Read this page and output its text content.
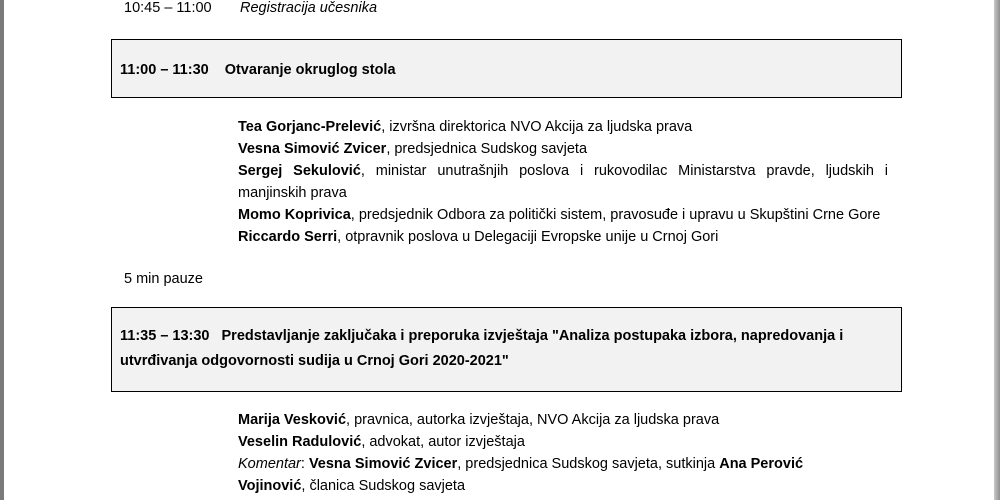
10:45 – 11:00 Registracija učesnika
11:00 – 11:30 Otvaranje okruglog stola

Tea Gorjanc-Prelević, izvršna direktorica NVO Akcija za ljudska prava

Vesna Simović Zvicer, predsjednica Sudskog savjeta

Sergej Sekulović, ministar unutrašnjih poslova i rukovodilac Ministarstva pravde, ljudskih i manjinskih prava

Momo Koprivica, predsjednik Odbora za politički sistem, pravosuđe i upravu u Skupštini Crne Gore

Riccardo Serri, otpravnik poslova u Delegaciji Evropske unije u Crnoj Gori

5 min pauze
11:35 – 13:30 Predstavljanje zaključaka i preporuka izvještaja "Analiza postupaka izbora, napredovanja i
utvrđivanja odgovornosti sudija u Crnoj Gori 2020-2021"

Marija Vesković, pravnica, autorka izvještaja, NVO Akcija za ljudska prava

Veselin Radulović, advokat, autor izvještaja

Komentar: Vesna Simović Zvicer, predsjednica Sudskog savjeta, sutkinja Ana Perović

Vojinović, članica Sudskog savjeta
